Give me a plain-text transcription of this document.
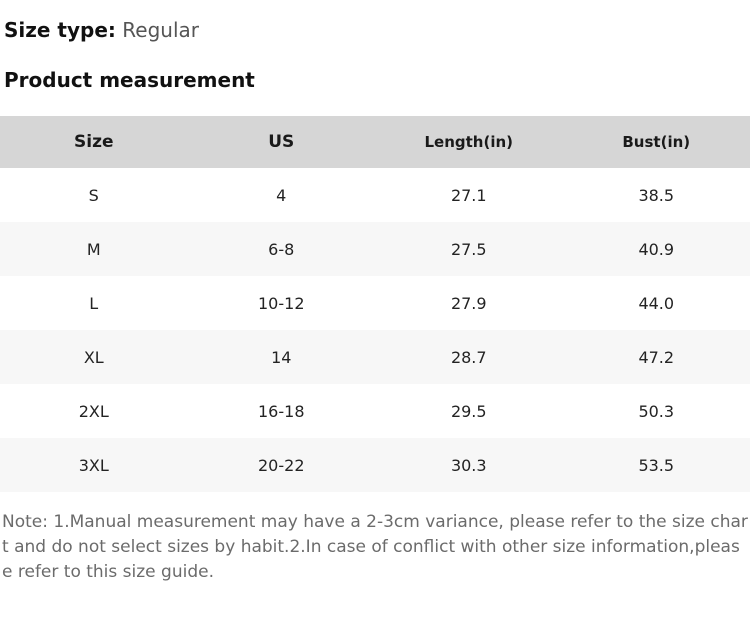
Size type: Regular
Product measurement
Size	US	Length(in)	Bust(in)
S	4	27.1	38.5
M	6-8	27.5	40.9
L	10-12	27.9	44.0
XL	14	28.7	47.2
2XL	16-18	29.5	50.3
3XL	20-22	30.3	53.5
Note: 1.Manual measurement may have a 2-3cm variance, please refer to the size chart and do not select sizes by habit.2.In case of conflict with other size information,please refer to this size guide.
